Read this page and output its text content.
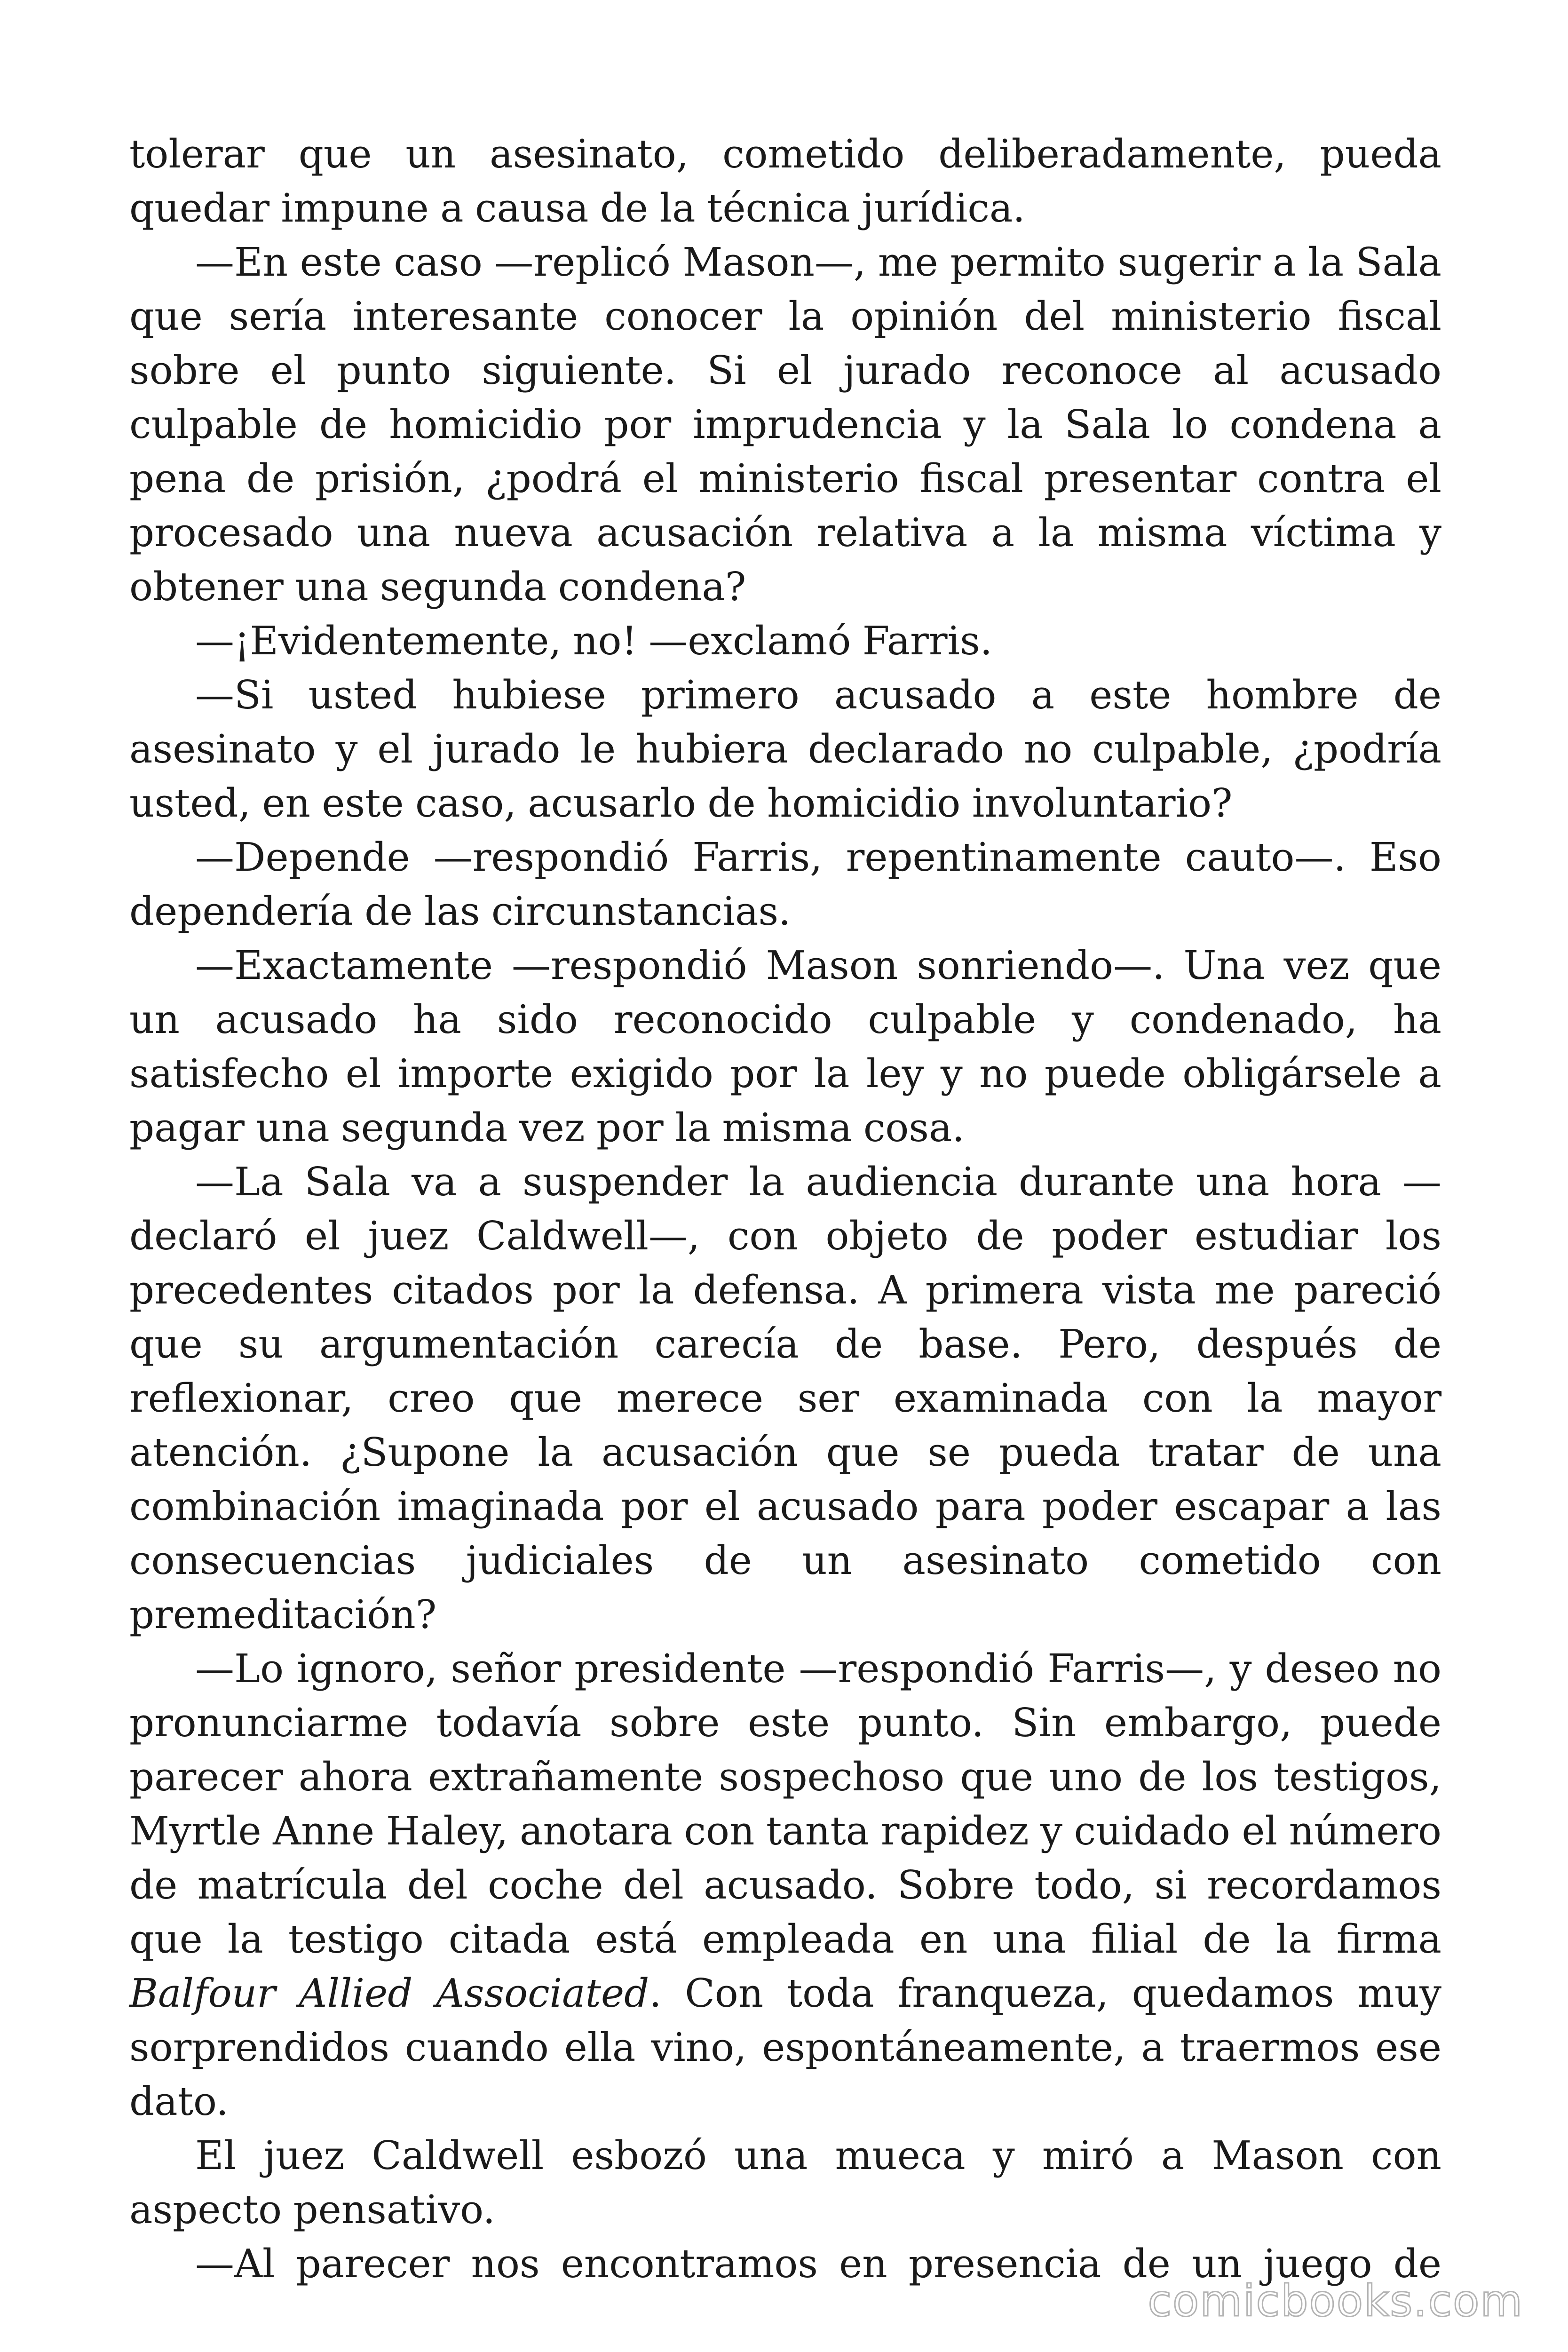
tolerar que un asesinato, cometido deliberadamente, pueda quedar impune a causa de la técnica jurídica.

—En este caso —replicó Mason—, me permito sugerir a la Sala que sería interesante conocer la opinión del ministerio fiscal sobre el punto siguiente. Si el jurado reconoce al acusado culpable de homicidio por imprudencia y la Sala lo condena a pena de prisión, ¿podrá el ministerio fiscal presentar contra el procesado una nueva acusación relativa a la misma víctima y obtener una segunda condena?

—¡Evidentemente, no! —exclamó Farris.

—Si usted hubiese primero acusado a este hombre de asesinato y el jurado le hubiera declarado no culpable, ¿podría usted, en este caso, acusarlo de homicidio involuntario?

—Depende —respondió Farris, repentinamente cauto—. Eso dependería de las circunstancias.

—Exactamente —respondió Mason sonriendo—. Una vez que un acusado ha sido reconocido culpable y condenado, ha satisfecho el importe exigido por la ley y no puede obligársele a pagar una segunda vez por la misma cosa.

—La Sala va a suspender la audiencia durante una hora —declaró el juez Caldwell—, con objeto de poder estudiar los precedentes citados por la defensa. A primera vista me pareció que su argumentación carecía de base. Pero, después de reflexionar, creo que merece ser examinada con la mayor atención. ¿Supone la acusación que se pueda tratar de una combinación imaginada por el acusado para poder escapar a las consecuencias judiciales de un asesinato cometido con premeditación?

—Lo ignoro, señor presidente —respondió Farris—, y deseo no pronunciarme todavía sobre este punto. Sin embargo, puede parecer ahora extrañamente sospechoso que uno de los testigos, Myrtle Anne Haley, anotara con tanta rapidez y cuidado el número de matrícula del coche del acusado. Sobre todo, si recordamos que la testigo citada está empleada en una filial de la firma Balfour Allied Associated. Con toda franqueza, quedamos muy sorprendidos cuando ella vino, espontáneamente, a traermos ese dato.

El juez Caldwell esbozó una mueca y miró a Mason con aspecto pensativo.

—Al parecer nos encontramos en presencia de un juego de

comicbooks.com
